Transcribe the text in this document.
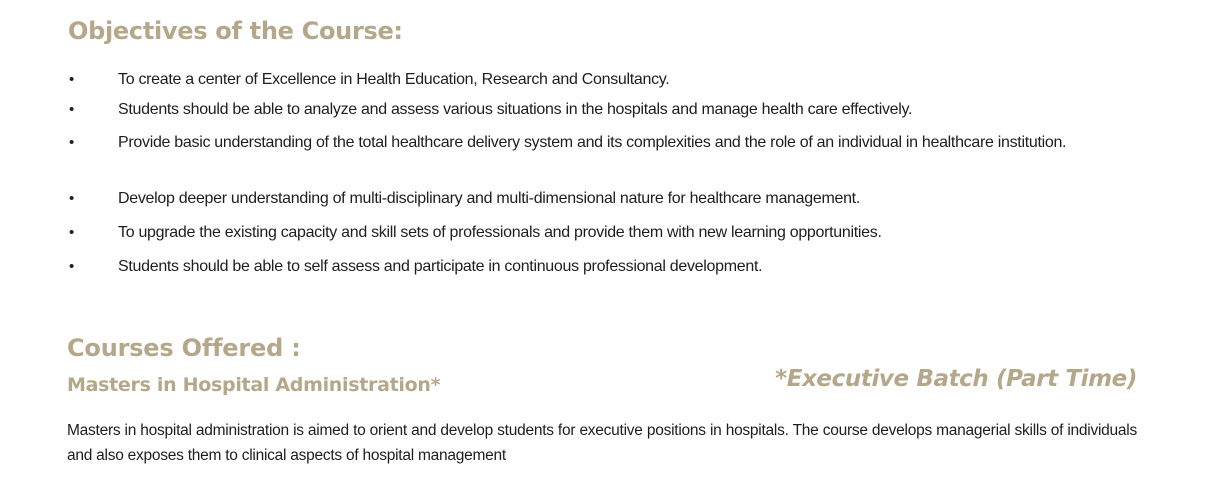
Objectives of the Course:
•	To create a center of Excellence in Health Education, Research and Consultancy.
•	Students should be able to analyze and assess various situations in the hospitals and manage health care effectively.
•	Provide basic understanding of the total healthcare delivery system and its complexities and the role of an individual in healthcare institution.
•	Develop deeper understanding of multi-disciplinary and multi-dimensional nature for healthcare management.
•	To upgrade the existing capacity and skill sets of professionals and provide them with new learning opportunities.
•	Students should be able to self assess and participate in continuous professional development.
Courses Offered :
Masters in Hospital Administration*	*Executive Batch (Part Time)

Masters in hospital administration is aimed to orient and develop students for executive positions in hospitals. The course develops managerial skills of individuals and also exposes them to clinical aspects of hospital management
